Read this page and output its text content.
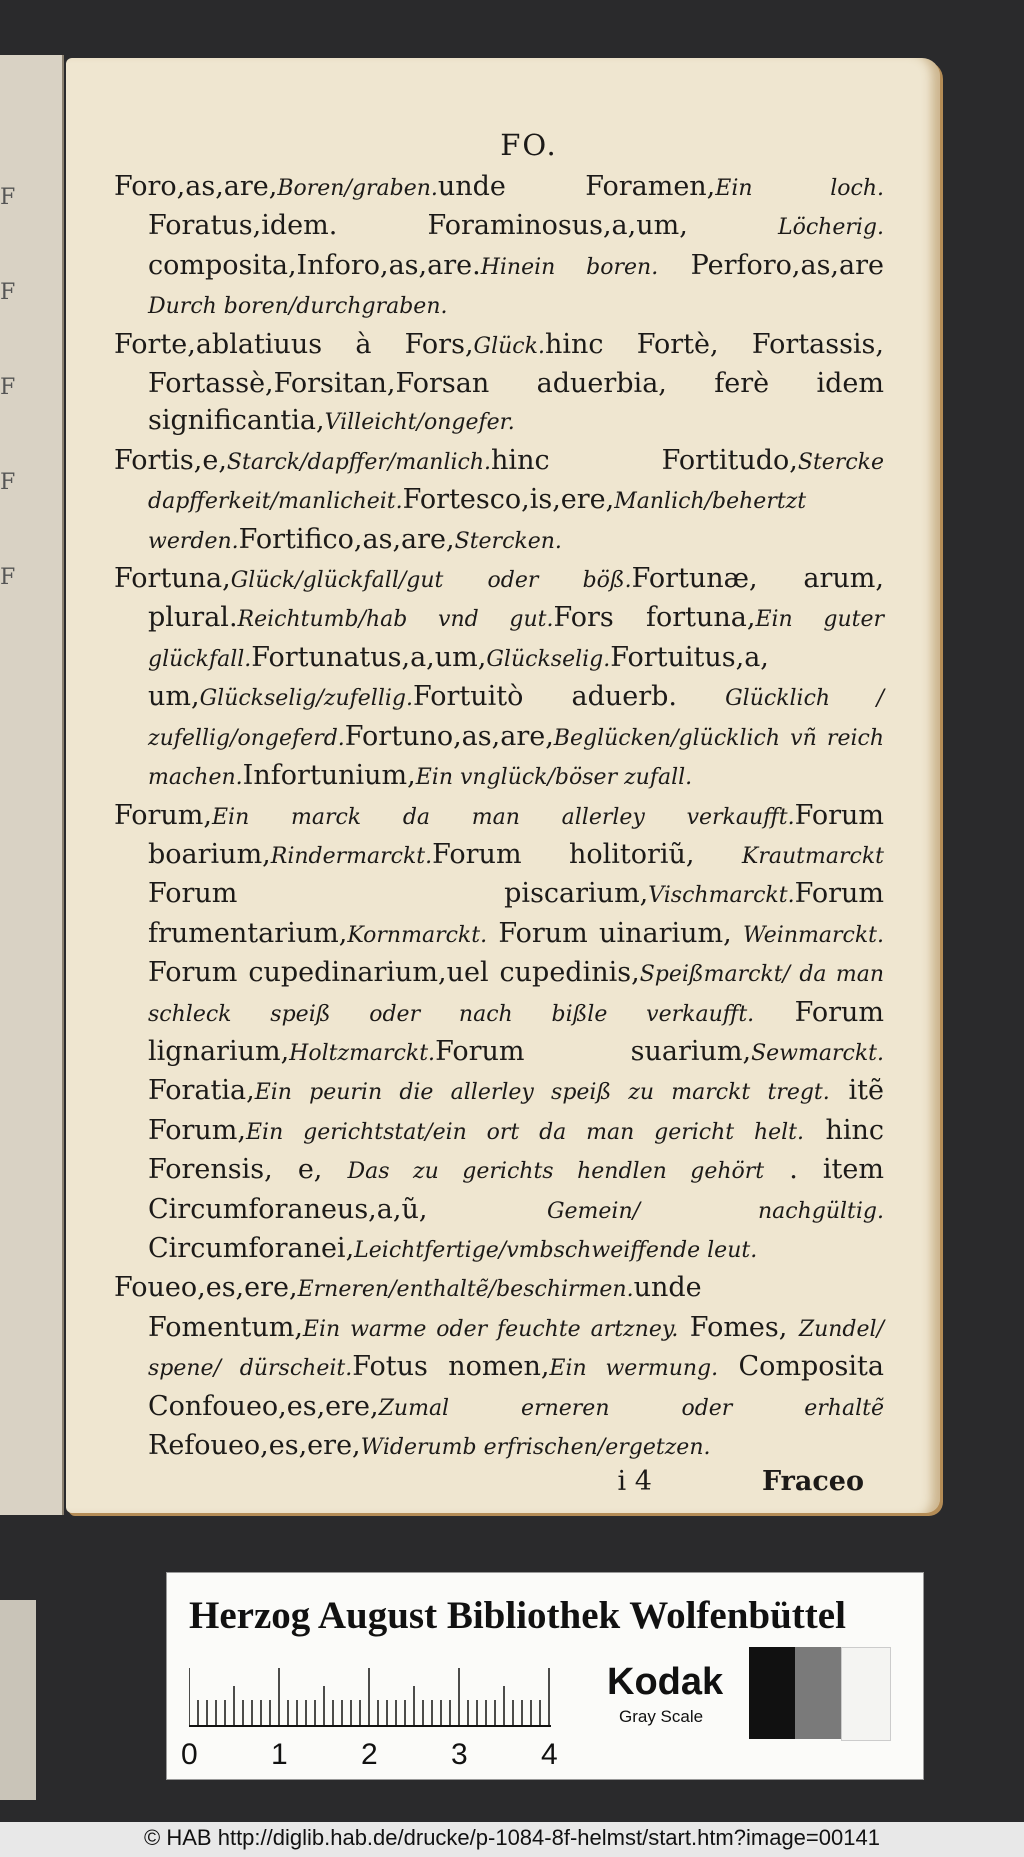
F
F
F
F
F
FO.

Foro,as,are,Boren/graben.unde Foramen,Ein loch. Foratus,idem. Foraminosus,a,um, Löcherig. composita,Inforo,as,are.Hinein boren. Perforo,as,are Durch boren/durchgraben.

Forte,ablatiuus à Fors,Glück.hinc Fortè, Fortassis, Fortassè,Forsitan,Forsan aduerbia, ferè idem significantia,Villeicht/ongefer.

Fortis,e,Starck/dapffer/manlich.hinc Fortitudo,Stercke dapfferkeit/manlicheit.Fortesco,is,ere,Manlich/behertzt werden.Fortifico,as,are,Stercken.

Fortuna,Glück/glückfall/gut oder böß.Fortunæ, arum, plural.Reichtumb/hab vnd gut.Fors fortuna,Ein guter glückfall.Fortunatus,a,um,Glückselig.Fortuitus,a, um,Glückselig/zufellig.Fortuitò aduerb. Glücklich / zufellig/ongeferd.Fortuno,as,are,Beglücken/glücklich vñ reich machen.Infortunium,Ein vnglück/böser zufall.

Forum,Ein marck da man allerley verkaufft.Forum boarium,Rindermarckt.Forum holitoriũ, Krautmarckt Forum piscarium,Vischmarckt.Forum frumentarium,Kornmarckt. Forum uinarium, Weinmarckt. Forum cupedinarium,uel cupedinis,Speißmarckt/ da man schleck speiß oder nach bißle verkaufft. Forum lignarium,Holtzmarckt.Forum suarium,Sewmarckt. Foratia,Ein peurin die allerley speiß zu marckt tregt. itẽ Forum,Ein gerichtstat/ein ort da man gericht helt. hinc Forensis, e, Das zu gerichts hendlen gehört . item Circumforaneus,a,ũ, Gemein/ nachgültig. Circumforanei,Leichtfertige/vmbschweiffende leut.

Foueo,es,ere,Erneren/enthaltẽ/beschirmen.unde Fomentum,Ein warme oder feuchte artzney. Fomes, Zundel/ spene/ dürscheit.Fotus nomen,Ein wermung. Composita Confoueo,es,ere,Zumal erneren oder erhaltẽ Refoueo,es,ere,Widerumb erfrischen/ergetzen.

i 4	Fraceo
Herzog August Bibliothek Wolfenbüttel
0 1 2 3 4
Kodak
Gray Scale
© HAB http://diglib.hab.de/drucke/p-1084-8f-helmst/start.htm?image=00141
